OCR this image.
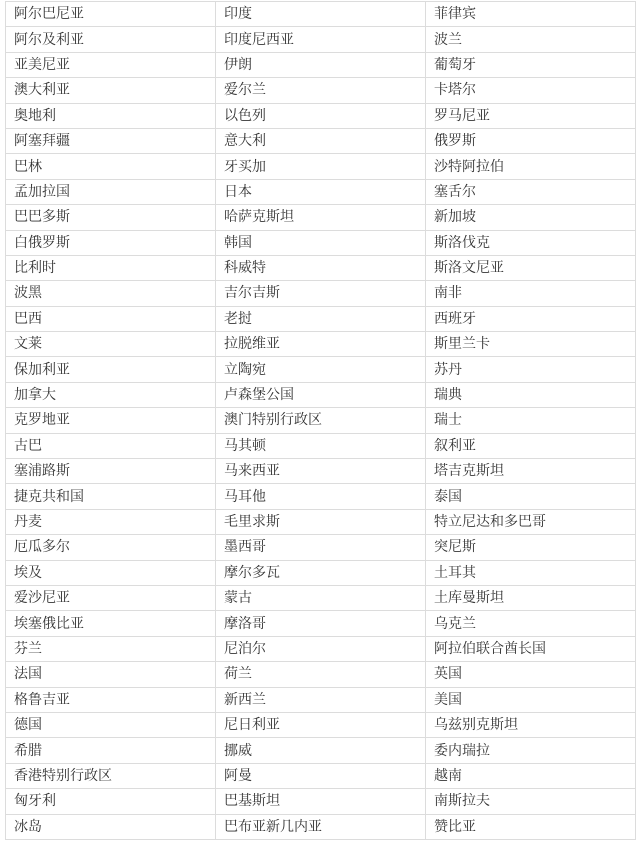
阿尔巴尼亚	印度	菲律宾
阿尔及利亚	印度尼西亚	波兰
亚美尼亚	伊朗	葡萄牙
澳大利亚	爱尔兰	卡塔尔
奥地利	以色列	罗马尼亚
阿塞拜疆	意大利	俄罗斯
巴林	牙买加	沙特阿拉伯
孟加拉国	日本	塞舌尔
巴巴多斯	哈萨克斯坦	新加坡
白俄罗斯	韩国	斯洛伐克
比利时	科威特	斯洛文尼亚
波黑	吉尔吉斯	南非
巴西	老挝	西班牙
文莱	拉脱维亚	斯里兰卡
保加利亚	立陶宛	苏丹
加拿大	卢森堡公国	瑞典
克罗地亚	澳门特别行政区	瑞士
古巴	马其顿	叙利亚
塞浦路斯	马来西亚	塔吉克斯坦
捷克共和国	马耳他	泰国
丹麦	毛里求斯	特立尼达和多巴哥
厄瓜多尔	墨西哥	突尼斯
埃及	摩尔多瓦	土耳其
爱沙尼亚	蒙古	土库曼斯坦
埃塞俄比亚	摩洛哥	乌克兰
芬兰	尼泊尔	阿拉伯联合酋长国
法国	荷兰	英国
格鲁吉亚	新西兰	美国
德国	尼日利亚	乌兹别克斯坦
希腊	挪威	委内瑞拉
香港特别行政区	阿曼	越南
匈牙利	巴基斯坦	南斯拉夫
冰岛	巴布亚新几内亚	赞比亚
